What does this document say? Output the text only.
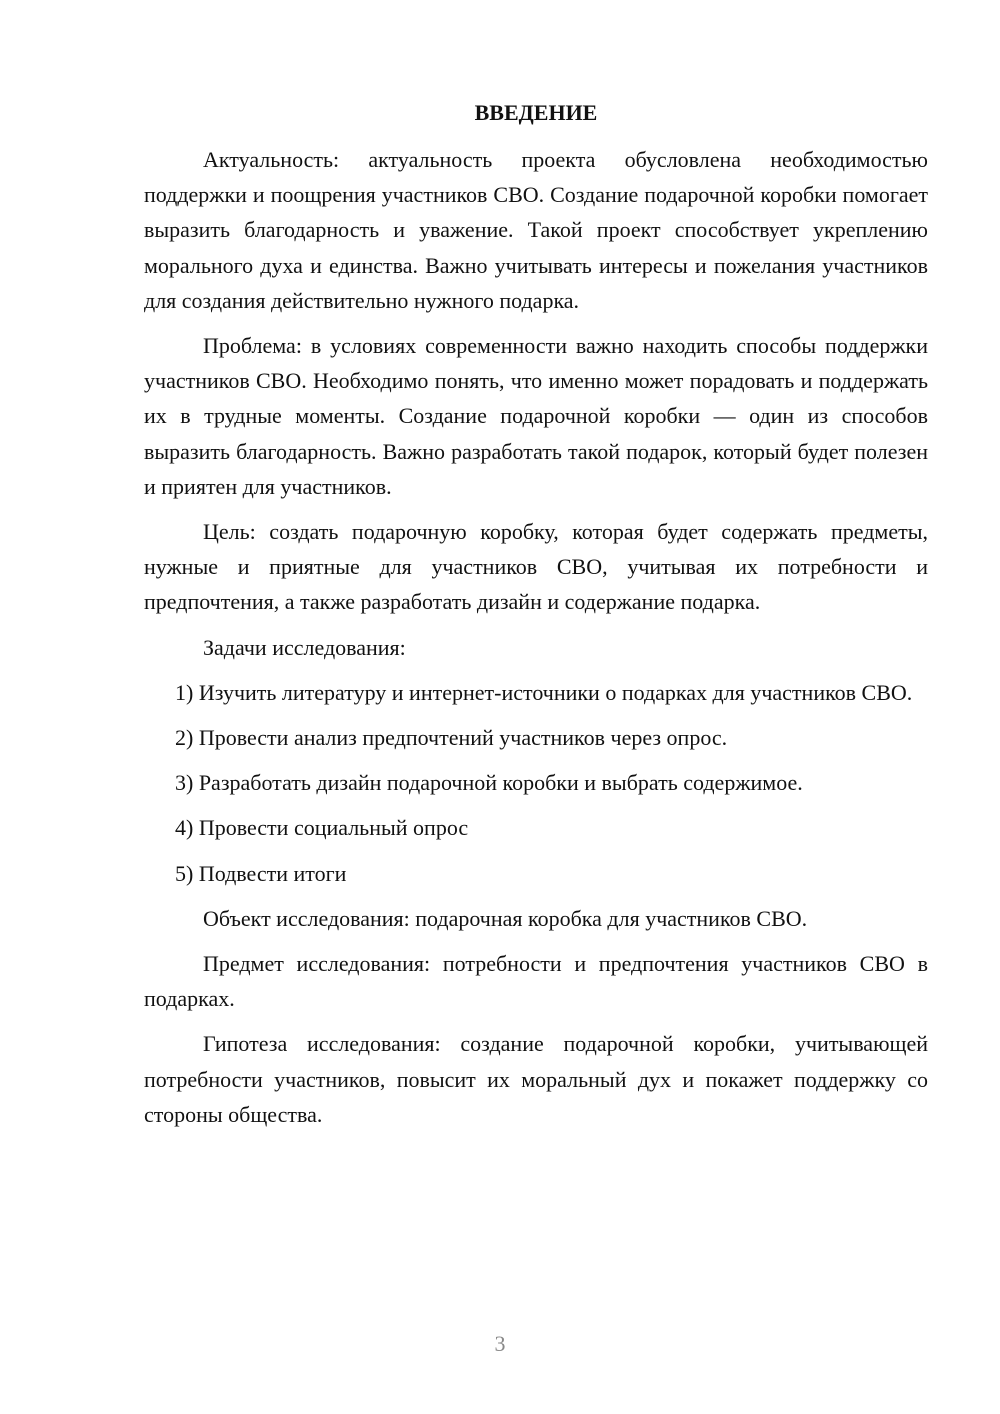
ВВЕДЕНИЕ

Актуальность: актуальность проекта обусловлена необходимостью поддержки и поощрения участников СВО. Создание подарочной коробки помогает выразить благодарность и уважение. Такой проект способствует укреплению морального духа и единства. Важно учитывать интересы и пожелания участников для создания действительно нужного подарка.

Проблема: в условиях современности важно находить способы поддержки участников СВО. Необходимо понять, что именно может порадовать и поддержать их в трудные моменты. Создание подарочной коробки — один из способов выразить благодарность. Важно разработать такой подарок, который будет полезен и приятен для участников.

Цель: создать подарочную коробку, которая будет содержать предметы, нужные и приятные для участников СВО, учитывая их потребности и предпочтения, а также разработать дизайн и содержание подарка.

Задачи исследования:

1) Изучить литературу и интернет-источники о подарках для участников СВО.

2) Провести анализ предпочтений участников через опрос.

3) Разработать дизайн подарочной коробки и выбрать содержимое.

4) Провести социальный опрос

5) Подвести итоги

Объект исследования: подарочная коробка для участников СВО.

Предмет исследования: потребности и предпочтения участников СВО в подарках.

Гипотеза исследования: создание подарочной коробки, учитывающей потребности участников, повысит их моральный дух и покажет поддержку со стороны общества.

3
